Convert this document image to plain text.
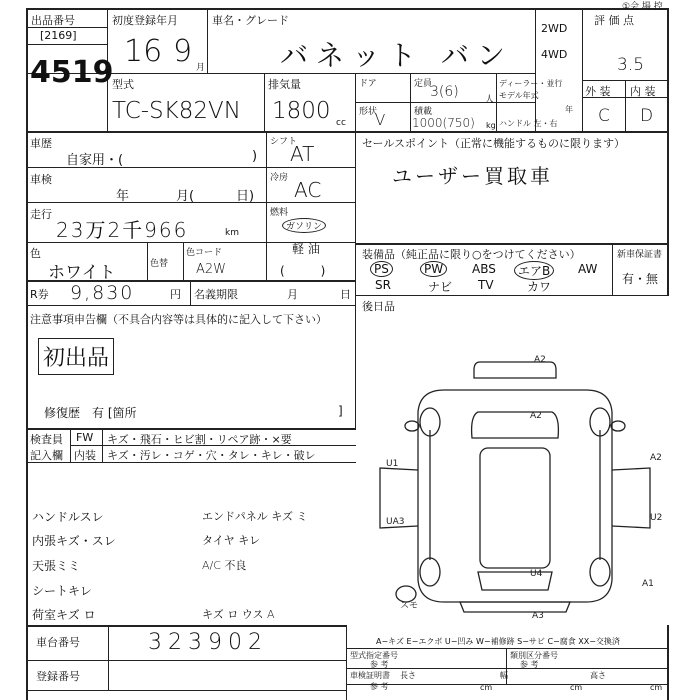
出品番号
[2169]
4519
初度登録年月
16 9 月
車名・グレード
バネット バン
2WD
4WD
評 価 点
3.5
外 装 内 装
C D
①会 場 控
型式
TC-SK82VN
排気量
1800 cc
ドア
形状
V
定員
3(6)	人
積載
1000(750) kg
ディーラー・並行
モデル年式
年
ハンドル 左・右
車歴
自家用・(	)
車検
年	月(	日)
走行
23万2千966	km
色
ホワイト	色替
色コード
A2W
R券 9,830	円 名義期限	月	日
注意事項申告欄（不具合内容等は具体的に記入して下さい）
初出品
修復歴　有 [箇所	]
シフト
AT
冷房 AC
燃料
ガソリン
軽 油
(　　　)
セールスポイント（正常に機能するものに限ります）
ユーザー買取車
装備品（純正品に限り○をつけてください）
PS	PW	ABS	エアB	AW
SR	ナビ TV	カワ
新車保証書
有・無
後日品
検査員
記入欄
FW キズ・飛石・ヒビ割・リペア跡・×要
内装 キズ・汚レ・コゲ・穴・タレ・キレ・破レ
ハンドルスレ
内張キズ・スレ
天張ミミ
シートキレ
荷室キズ ロ
エンドパネル キズ ミ
タイヤ キレ
A/C 不良
キズ ロ ウス A
A2
A2
U1
A2
UA3	U2
U4
A1
A3
スモ
A−キズ E−エクボ U−凹み W−補修跡 S−サビ C−腐食 XX−交換済
車台番号	323902
登録番号
型式指定番号
参 考
類別区分番号
参 考
車検証明書
参 考
長さ
cm
幅
cm
高さ
cm
